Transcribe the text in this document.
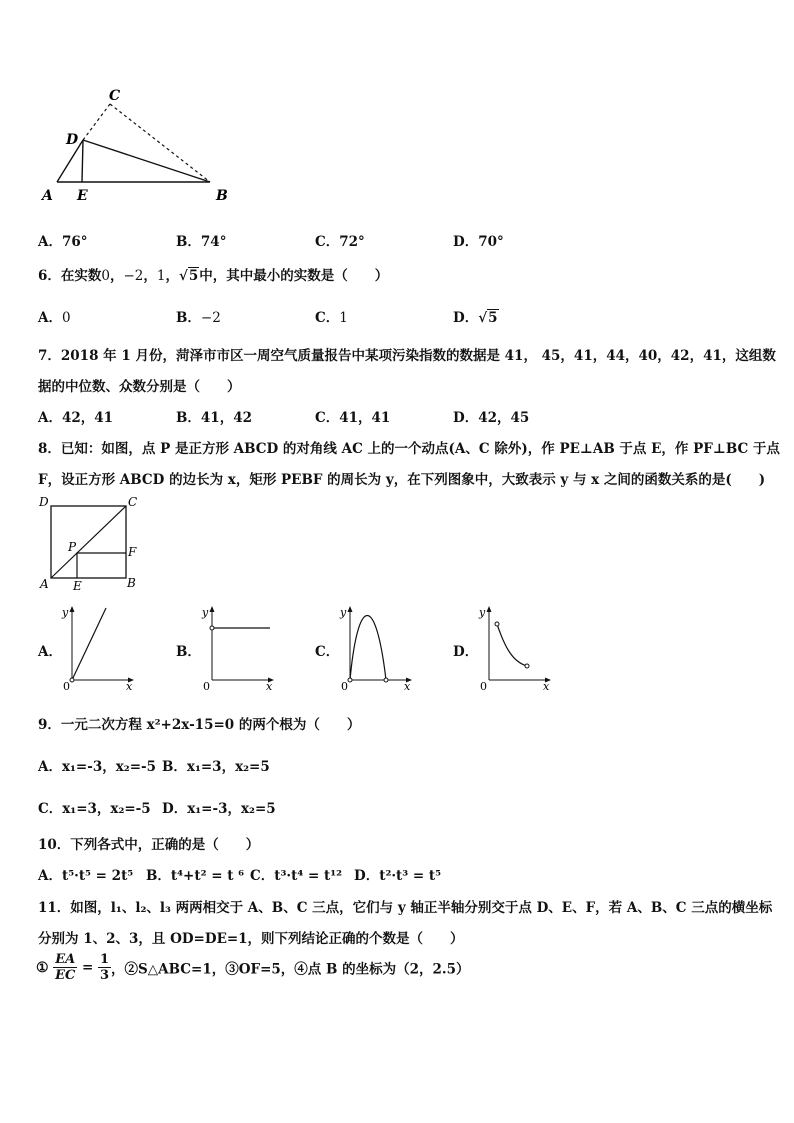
C
D
A E	B
A．76°	B．74°	C．72°	D．70°
6．在实数0，−2，1，√5中，其中最小的实数是（　　）
A．0	B．−2	C．1	D．√5
7．2018 年 1 月份，菏泽市市区一周空气质量报告中某项污染指数的数据是 41， 45，41，44，40，42，41，这组数
据的中位数、众数分别是（　　）
A．42，41	B．41，42	C．41，41	D．42，45
8．已知：如图，点 P 是正方形 ABCD 的对角线 AC 上的一个动点(A、C 除外)，作 PE⊥AB 于点 E，作 PF⊥BC 于点
F，设正方形 ABCD 的边长为 x，矩形 PEBF 的周长为 y，在下列图象中，大致表示 y 与 x 之间的函数关系的是(　　)
D	C
P	F
A E	B
A．	B．	C．	D．
y
x
0
y
x
0
y
x
0
y
x
0
9．一元二次方程 x²+2x-15=0 的两个根为（　　）
A．x₁=-3，x₂=-5 B．x₁=3，x₂=5
C．x₁=3，x₂=-5 D．x₁=-3，x₂=5
10．下列各式中，正确的是（　　）
A．t⁵·t⁵ = 2t⁵ B．t⁴+t² = t ⁶ C．t³·t⁴ = t¹² D．t²·t³ = t⁵
11．如图，l₁、l₂、l₃ 两两相交于 A、B、C 三点，它们与 y 轴正半轴分别交于点 D、E、F，若 A、B、C 三点的横坐标
分别为 1、2、3，且 OD=DE=1，则下列结论正确的个数是（　　）
① $\frac{EA}{EC} = \frac{1}{3}$ ，②S△ABC=1，③OF=5，④点 B 的坐标为（2，2.5）
